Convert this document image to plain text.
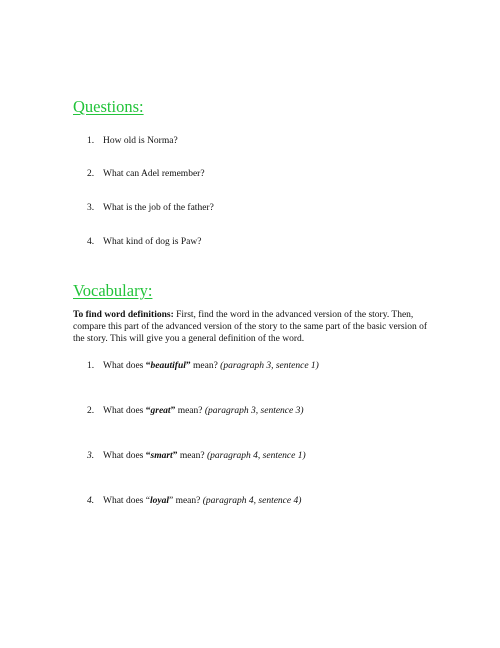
Questions:
1. How old is Norma?
2. What can Adel remember?
3. What is the job of the father?
4. What kind of dog is Paw?
Vocabulary:

To find word definitions: First, find the word in the advanced version of the story. Then, compare this part of the advanced version of the story to the same part of the basic version of the story. This will give you a general definition of the word.

1. What does “beautiful” mean? (paragraph 3, sentence 1)
2. What does “great” mean? (paragraph 3, sentence 3)
3. What does “smart” mean? (paragraph 4, sentence 1)
4. What does “loyal” mean? (paragraph 4, sentence 4)
